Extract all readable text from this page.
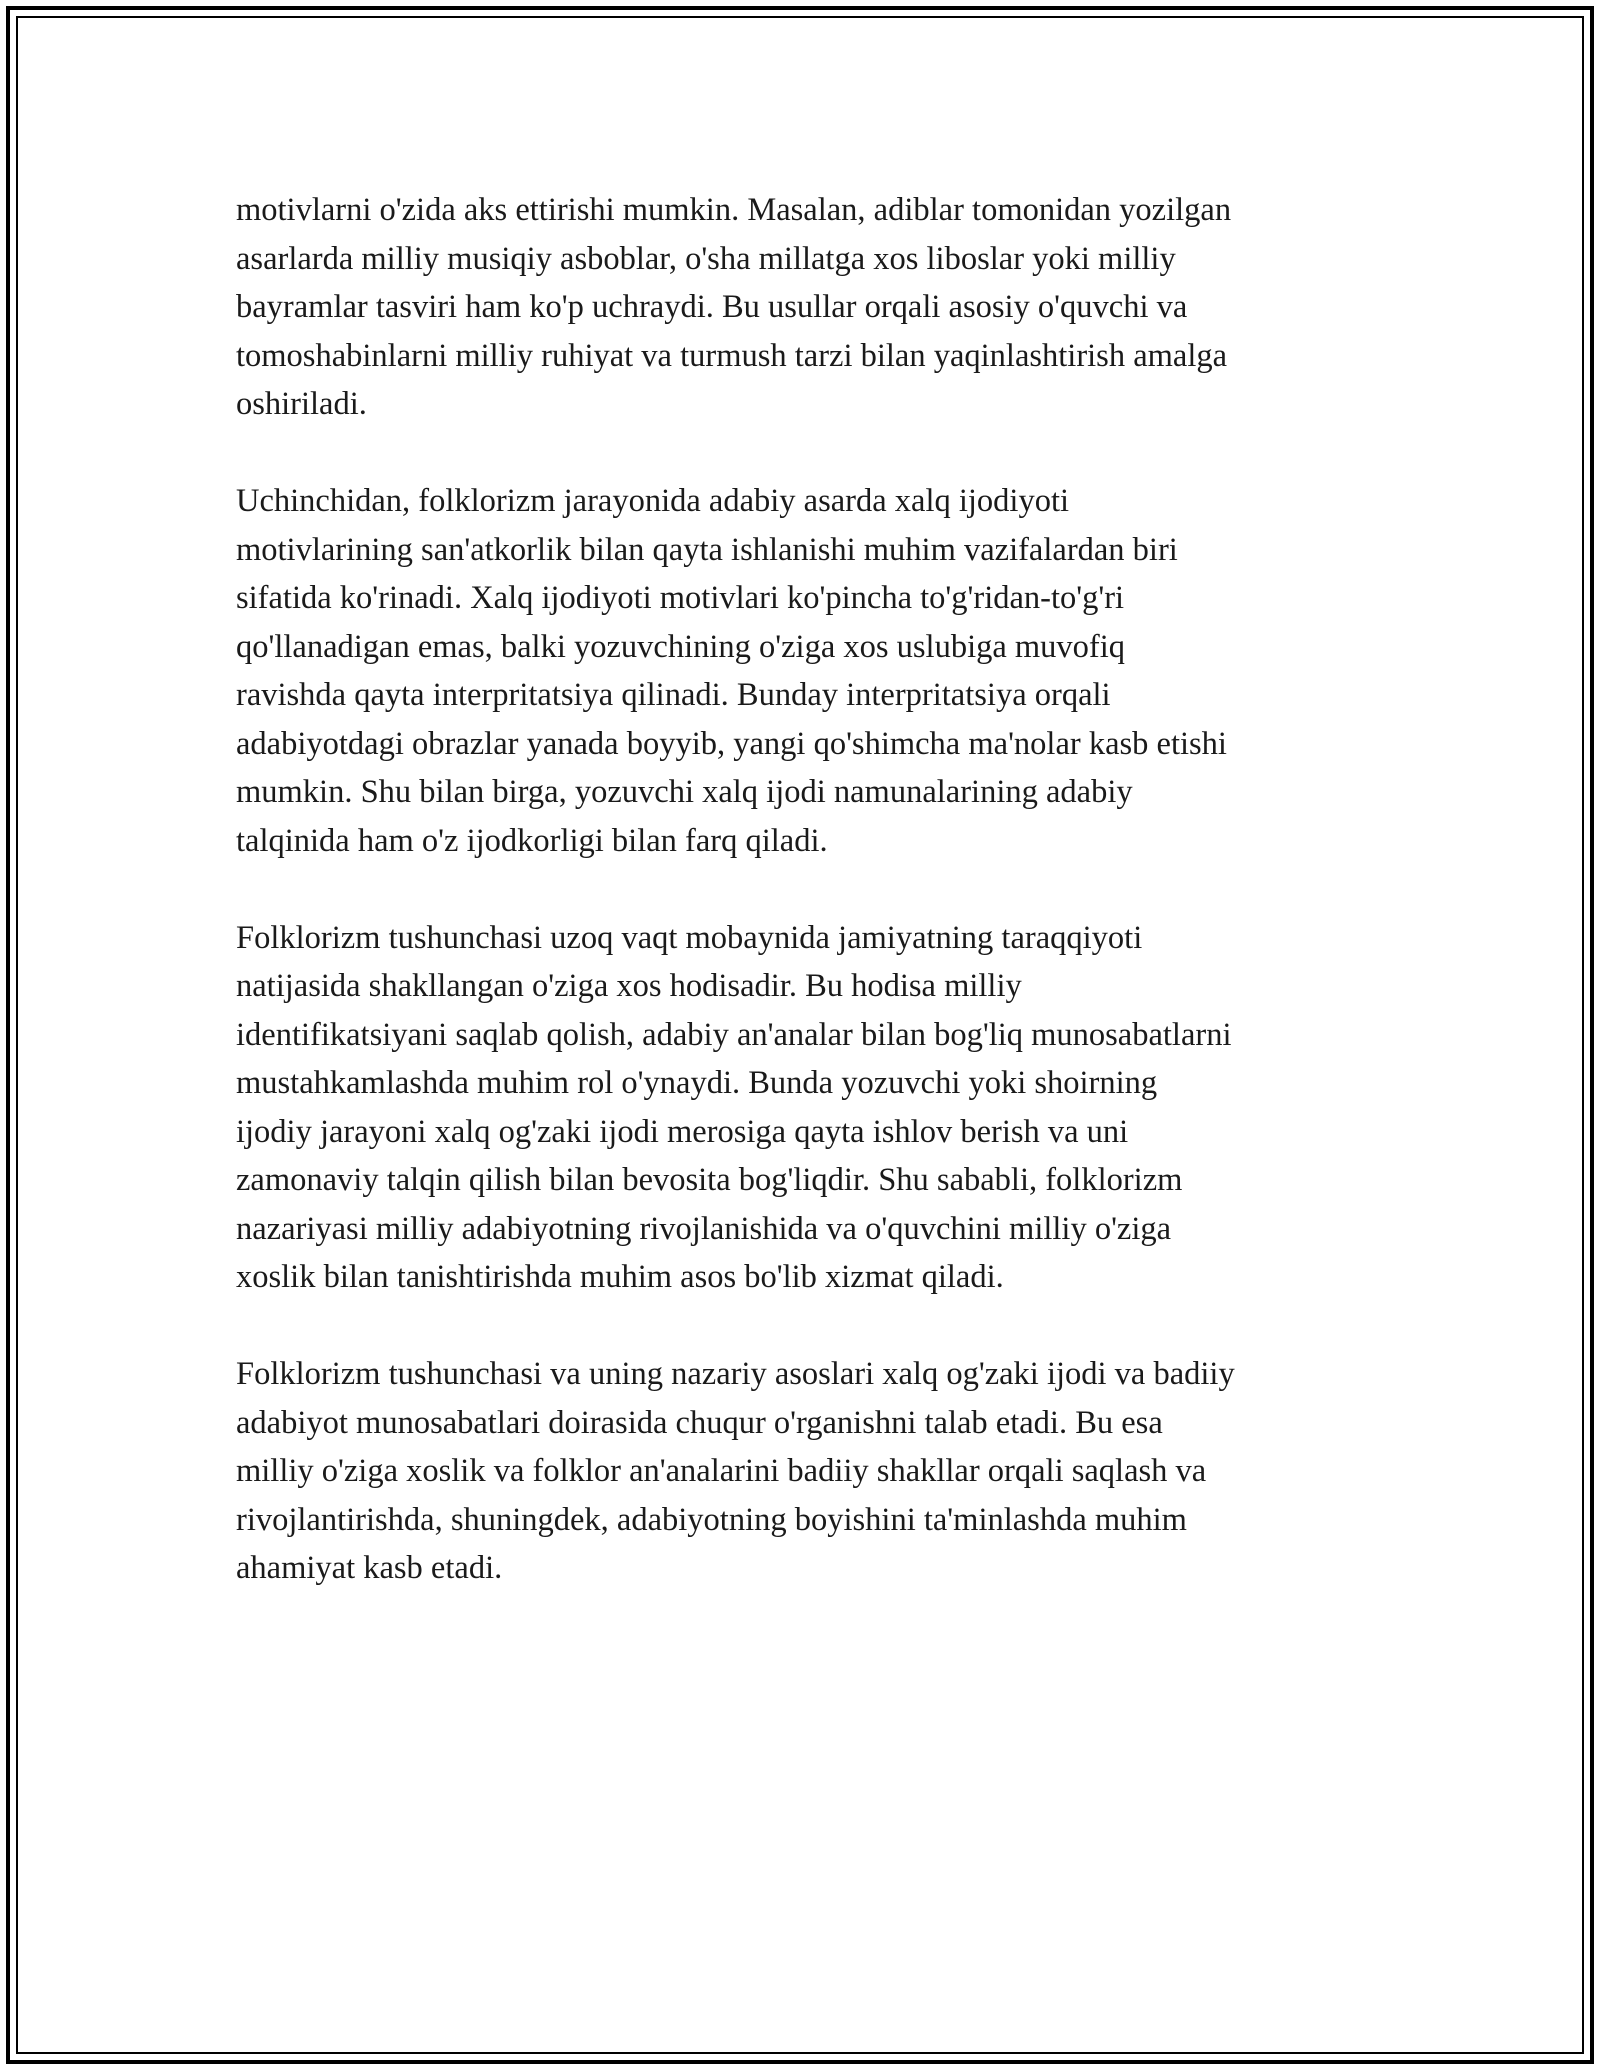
motivlarni o'zida aks ettirishi mumkin. Masalan, adiblar tomonidan yozilgan
asarlarda milliy musiqiy asboblar, o'sha millatga xos liboslar yoki milliy
bayramlar tasviri ham ko'p uchraydi. Bu usullar orqali asosiy o'quvchi va
tomoshabinlarni milliy ruhiyat va turmush tarzi bilan yaqinlashtirish amalga
oshiriladi.

Uchinchidan, folklorizm jarayonida adabiy asarda xalq ijodiyoti
motivlarining san'atkorlik bilan qayta ishlanishi muhim vazifalardan biri
sifatida ko'rinadi. Xalq ijodiyoti motivlari ko'pincha to'g'ridan-to'g'ri
qo'llanadigan emas, balki yozuvchining o'ziga xos uslubiga muvofiq
ravishda qayta interpritatsiya qilinadi. Bunday interpritatsiya orqali
adabiyotdagi obrazlar yanada boyyib, yangi qo'shimcha ma'nolar kasb etishi
mumkin. Shu bilan birga, yozuvchi xalq ijodi namunalarining adabiy
talqinida ham o'z ijodkorligi bilan farq qiladi.

Folklorizm tushunchasi uzoq vaqt mobaynida jamiyatning taraqqiyoti
natijasida shakllangan o'ziga xos hodisadir. Bu hodisa milliy
identifikatsiyani saqlab qolish, adabiy an'analar bilan bog'liq munosabatlarni
mustahkamlashda muhim rol o'ynaydi. Bunda yozuvchi yoki shoirning
ijodiy jarayoni xalq og'zaki ijodi merosiga qayta ishlov berish va uni
zamonaviy talqin qilish bilan bevosita bog'liqdir. Shu sababli, folklorizm
nazariyasi milliy adabiyotning rivojlanishida va o'quvchini milliy o'ziga
xoslik bilan tanishtirishda muhim asos bo'lib xizmat qiladi.

Folklorizm tushunchasi va uning nazariy asoslari xalq og'zaki ijodi va badiiy
adabiyot munosabatlari doirasida chuqur o'rganishni talab etadi. Bu esa
milliy o'ziga xoslik va folklor an'analarini badiiy shakllar orqali saqlash va
rivojlantirishda, shuningdek, adabiyotning boyishini ta'minlashda muhim
ahamiyat kasb etadi.
